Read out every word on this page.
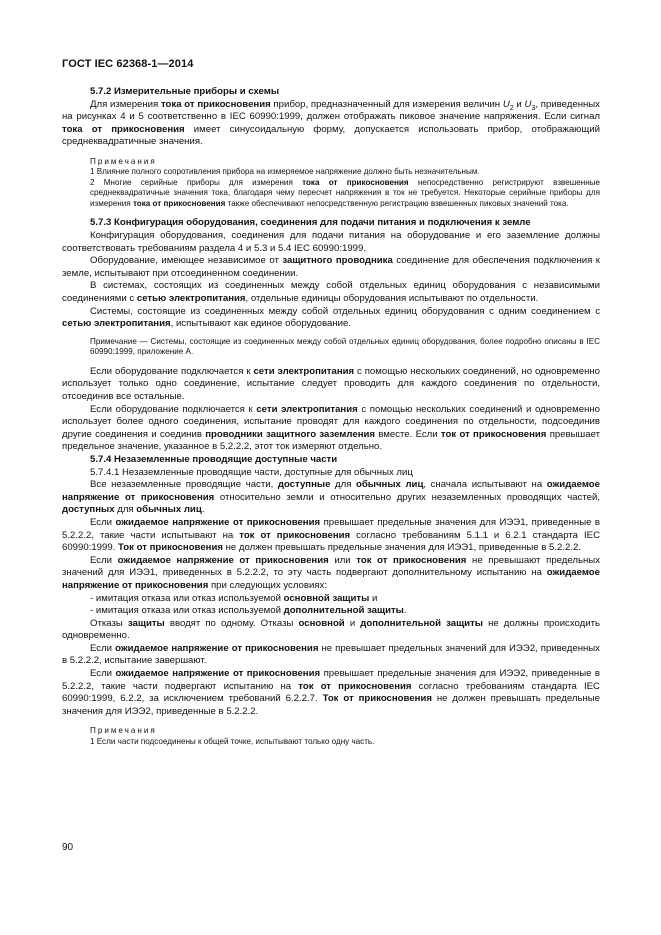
ГОСТ IEC 62368-1—2014
5.7.2 Измерительные приборы и схемы

Для измерения тока от прикосновения прибор, предназначенный для измерения величин $U_2$ и $U_3$, приведенных на рисунках 4 и 5 соответственно в IEC 60990:1999, должен отображать пиковое значение напряжения. Если сигнал тока от прикосновения имеет синусоидальную форму, допускается использовать прибор, отображающий среднеквадратичные значения.

Примечания

1 Влияние полного сопротивления прибора на измеряемое напряжение должно быть незначительным.

2 Многие серийные приборы для измерения тока от прикосновения непосредственно регистрируют взвешенные среднеквадратичные значения тока, благодаря чему пересчет напряжения в ток не требуется. Некоторые серийные приборы для измерения тока от прикосновения также обеспечивают непосредственную регистрацию взвешенных пиковых значений тока.

5.7.3 Конфигурация оборудования, соединения для подачи питания и подключения к земле

Конфигурация оборудования, соединения для подачи питания на оборудование и его заземление должны соответствовать требованиям раздела 4 и 5.3 и 5.4 IEC 60990:1999.

Оборудование, имеющее независимое от защитного проводника соединение для обеспечения подключения к земле, испытывают при отсоединенном соединении.

В системах, состоящих из соединенных между собой отдельных единиц оборудования с независимыми соединениями с сетью электропитания, отдельные единицы оборудования испытывают по отдельности.

Системы, состоящие из соединенных между собой отдельных единиц оборудования с одним соединением с сетью электропитания, испытывают как единое оборудование.

Примечание — Системы, состоящие из соединенных между собой отдельных единиц оборудования, более подробно описаны в IEC 60990:1999, приложение А.

Если оборудование подключается к сети электропитания с помощью нескольких соединений, но одновременно использует только одно соединение, испытание следует проводить для каждого соединения по отдельности, отсоединив все остальные.

Если оборудование подключается к сети электропитания с помощью нескольких соединений и одновременно использует более одного соединения, испытание проводят для каждого соединения по отдельности, подсоединив другие соединения и соединив проводники защитного заземления вместе. Если ток от прикосновения превышает предельное значение, указанное в 5.2.2.2, этот ток измеряют отдельно.

5.7.4 Незаземленные проводящие доступные части

5.7.4.1 Незаземленные проводящие части, доступные для обычных лиц

Все незаземленные проводящие части, доступные для обычных лиц, сначала испытывают на ожидаемое напряжение от прикосновения относительно земли и относительно других незаземленных проводящих частей, доступных для обычных лиц.

Если ожидаемое напряжение от прикосновения превышает предельные значения для ИЭЭ1, приведенные в 5.2.2.2, такие части испытывают на ток от прикосновения согласно требованиям 5.1.1 и 6.2.1 стандарта IEC 60990:1999. Ток от прикосновения не должен превышать предельные значения для ИЭЭ1, приведенные в 5.2.2.2.

Если ожидаемое напряжение от прикосновения или ток от прикосновения не превышают предельных значений для ИЭЭ1, приведенных в 5.2.2.2, то эту часть подвергают дополнительному испытанию на ожидаемое напряжение от прикосновения при следующих условиях:

- имитация отказа или отказ используемой основной защиты и

- имитация отказа или отказ используемой дополнительной защиты.

Отказы защиты вводят по одному. Отказы основной и дополнительной защиты не должны происходить одновременно.

Если ожидаемое напряжение от прикосновения не превышает предельных значений для ИЭЭ2, приведенных в 5.2.2.2, испытание завершают.

Если ожидаемое напряжение от прикосновения превышает предельные значения для ИЭЭ2, приведенные в 5.2.2.2, такие части подвергают испытанию на ток от прикосновения согласно требованиям стандарта IEC 60990:1999, 6.2.2, за исключением требований 6.2.2.7. Ток от прикосновения не должен превышать предельные значения для ИЭЭ2, приведенные в 5.2.2.2.

Примечания

1 Если части подсоединены к общей точке, испытывают только одну часть.

90
